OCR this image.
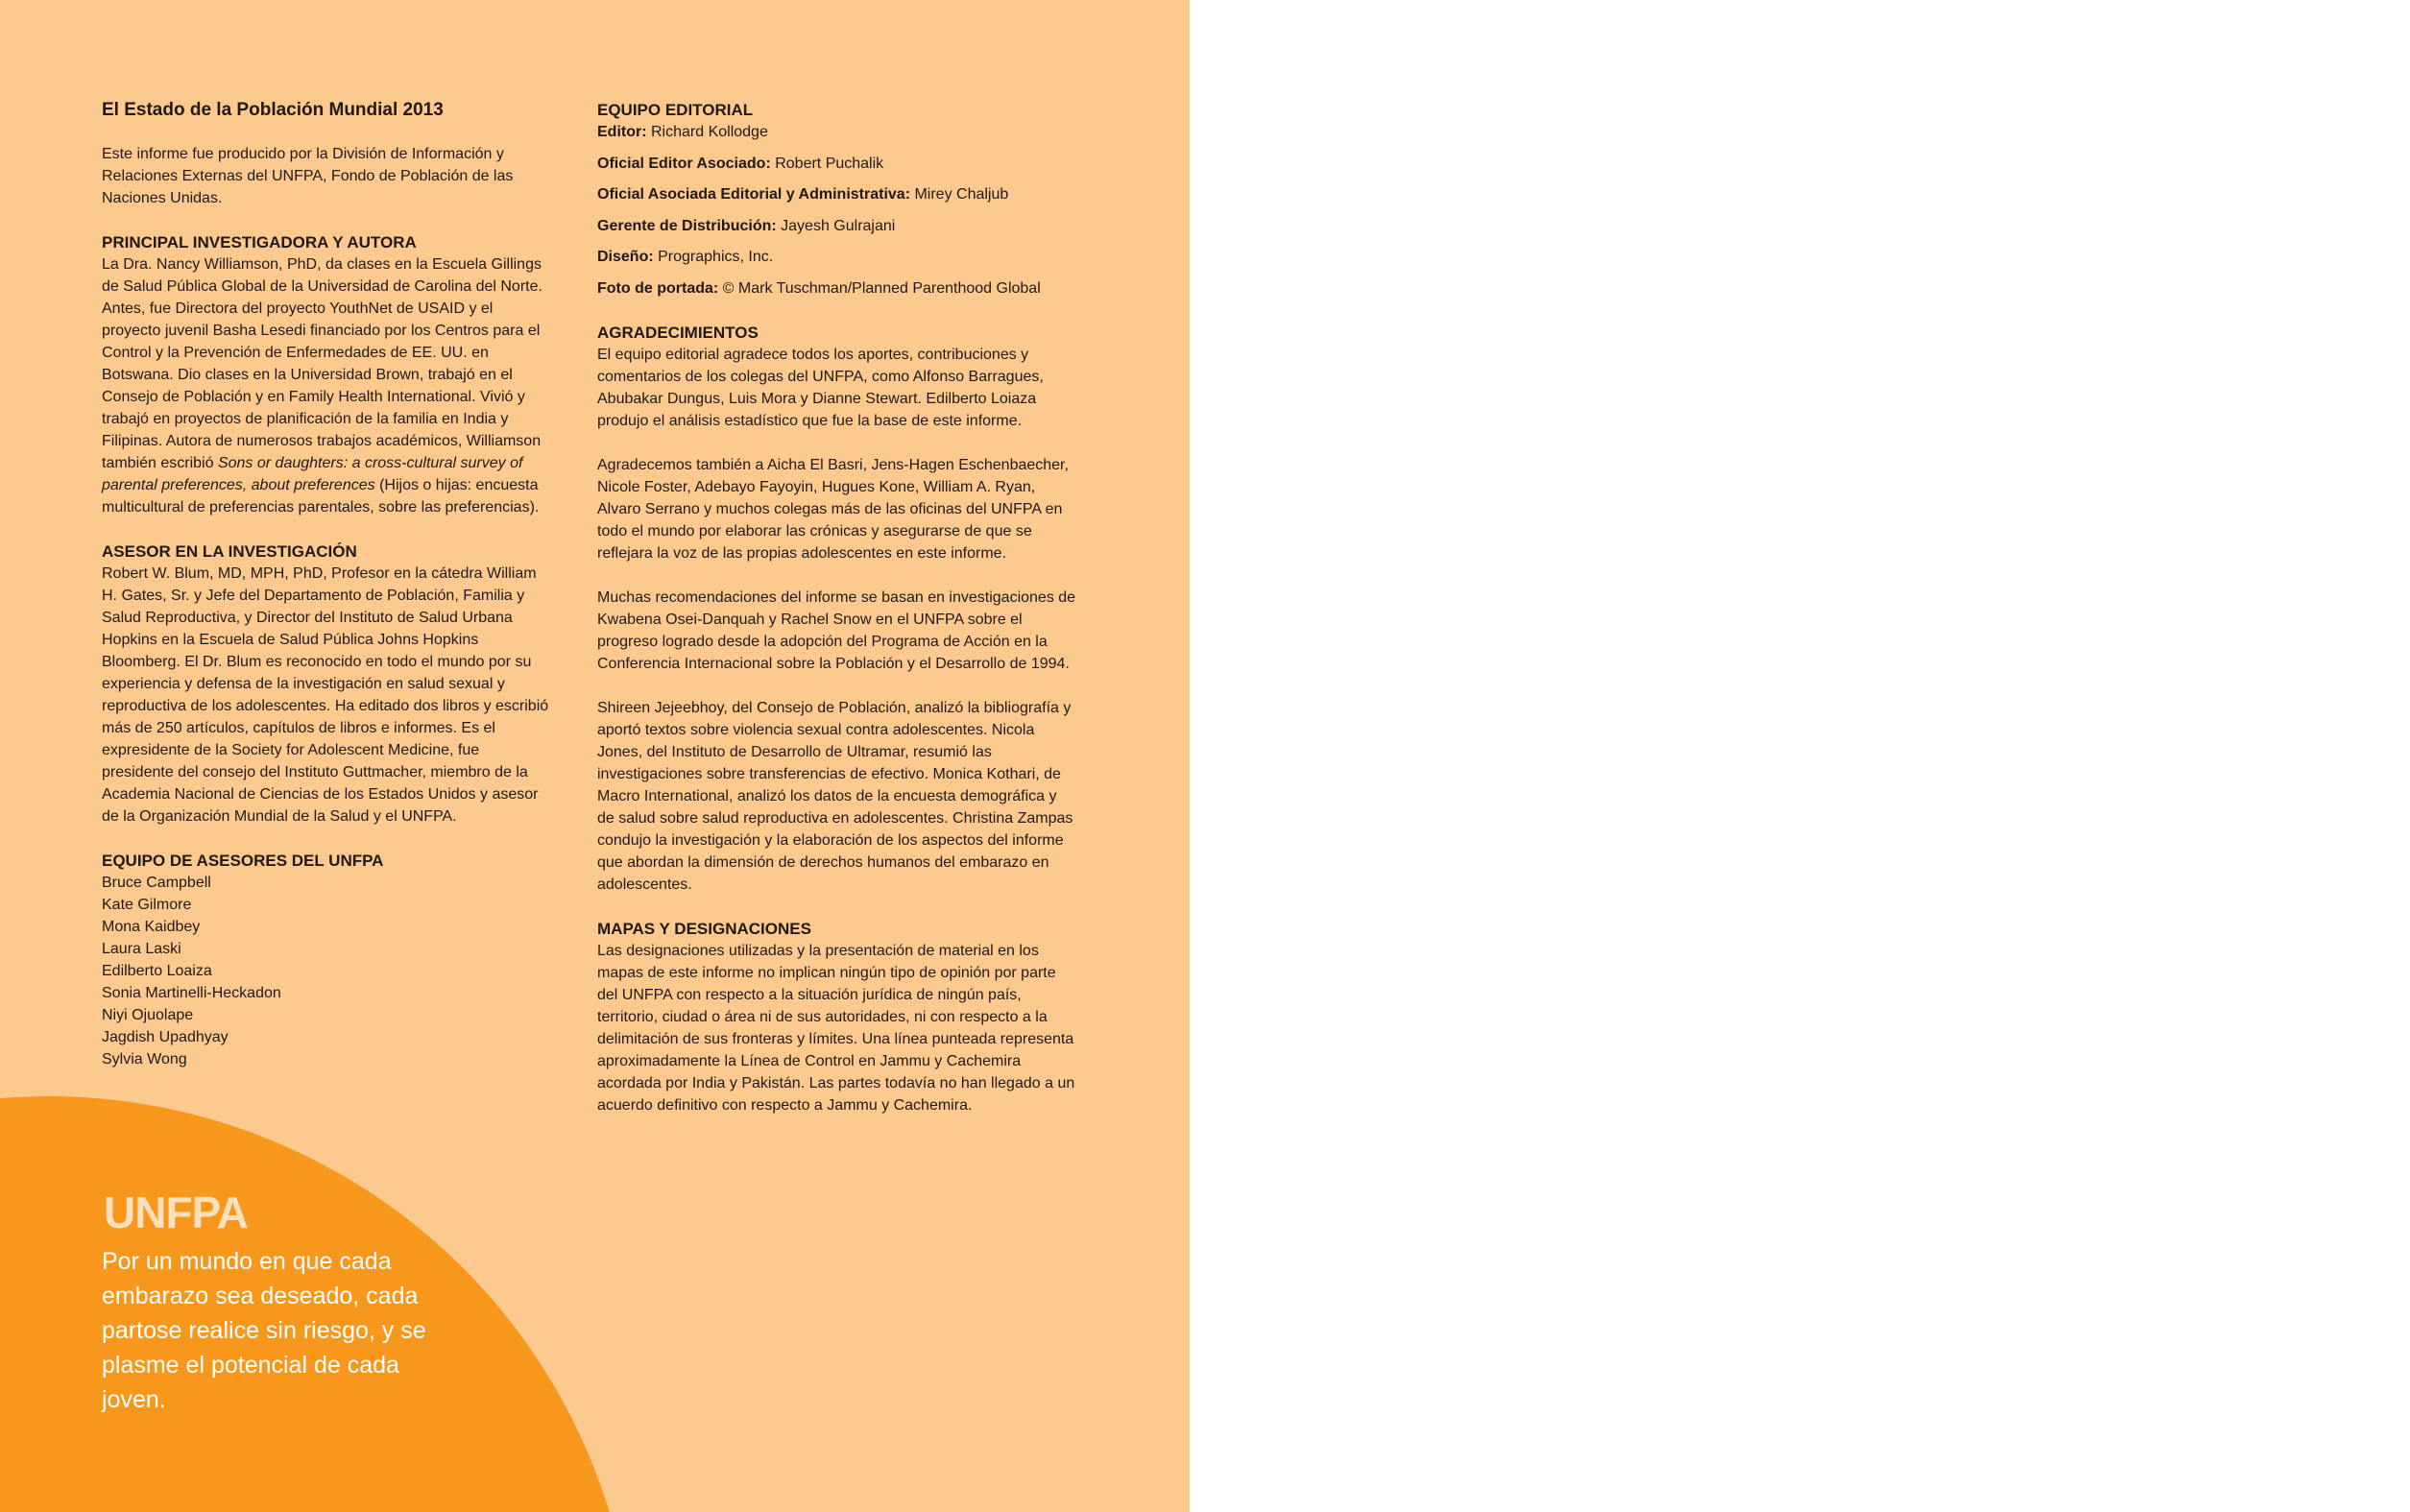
El Estado de la Población Mundial 2013

Este informe fue producido por la División de Información y Relaciones Externas del UNFPA, Fondo de Población de las Naciones Unidas.

PRINCIPAL INVESTIGADORA Y AUTORA

La Dra. Nancy Williamson, PhD, da clases en la Escuela Gillings de Salud Pública Global de la Universidad de Carolina del Norte. Antes, fue Directora del proyecto YouthNet de USAID y el proyecto juvenil Basha Lesedi financiado por los Centros para el Control y la Prevención de Enfermedades de EE. UU. en Botswana. Dio clases en la Universidad Brown, trabajó en el Consejo de Población y en Family Health International. Vivió y trabajó en proyectos de planificación de la familia en India y Filipinas. Autora de numerosos trabajos académicos, Williamson también escribió Sons or daughters: a cross-cultural survey of parental preferences, about preferences (Hijos o hijas: encuesta multicultural de preferencias parentales, sobre las preferencias).

ASESOR EN LA INVESTIGACIÓN

Robert W. Blum, MD, MPH, PhD, Profesor en la cátedra William H. Gates, Sr. y Jefe del Departamento de Población, Familia y Salud Reproductiva, y Director del Instituto de Salud Urbana Hopkins en la Escuela de Salud Pública Johns Hopkins Bloomberg. El Dr. Blum es reconocido en todo el mundo por su experiencia y defensa de la investigación en salud sexual y reproductiva de los adolescentes. Ha editado dos libros y escribió más de 250 artículos, capítulos de libros e informes. Es el expresidente de la Society for Adolescent Medicine, fue presidente del consejo del Instituto Guttmacher, miembro de la Academia Nacional de Ciencias de los Estados Unidos y asesor de la Organización Mundial de la Salud y el UNFPA.

EQUIPO DE ASESORES DEL UNFPA
Bruce Campbell
Kate Gilmore
Mona Kaidbey
Laura Laski
Edilberto Loaiza
Sonia Martinelli-Heckadon
Niyi Ojuolape
Jagdish Upadhyay
Sylvia Wong
EQUIPO EDITORIAL
Editor: Richard Kollodge
Oficial Editor Asociado: Robert Puchalik
Oficial Asociada Editorial y Administrativa: Mirey Chaljub
Gerente de Distribución: Jayesh Gulrajani
Diseño: Prographics, Inc.
Foto de portada: © Mark Tuschman/Planned Parenthood Global
AGRADECIMIENTOS

El equipo editorial agradece todos los aportes, contribuciones y comentarios de los colegas del UNFPA, como Alfonso Barragues, Abubakar Dungus, Luis Mora y Dianne Stewart. Edilberto Loiaza produjo el análisis estadístico que fue la base de este informe.

Agradecemos también a Aicha El Basri, Jens-Hagen Eschenbaecher, Nicole Foster, Adebayo Fayoyin, Hugues Kone, William A. Ryan, Alvaro Serrano y muchos colegas más de las oficinas del UNFPA en todo el mundo por elaborar las crónicas y asegurarse de que se reflejara la voz de las propias adolescentes en este informe.

Muchas recomendaciones del informe se basan en investigaciones de Kwabena Osei-Danquah y Rachel Snow en el UNFPA sobre el progreso logrado desde la adopción del Programa de Acción en la Conferencia Internacional sobre la Población y el Desarrollo de 1994.

Shireen Jejeebhoy, del Consejo de Población, analizó la bibliografía y aportó textos sobre violencia sexual contra adolescentes. Nicola Jones, del Instituto de Desarrollo de Ultramar, resumió las investigaciones sobre transferencias de efectivo. Monica Kothari, de Macro International, analizó los datos de la encuesta demográfica y de salud sobre salud reproductiva en adolescentes. Christina Zampas condujo la investigación y la elaboración de los aspectos del informe que abordan la dimensión de derechos humanos del embarazo en adolescentes.

MAPAS Y DESIGNACIONES

Las designaciones utilizadas y la presentación de material en los mapas de este informe no implican ningún tipo de opinión por parte del UNFPA con respecto a la situación jurídica de ningún país, territorio, ciudad o área ni de sus autoridades, ni con respecto a la delimitación de sus fronteras y límites. Una línea punteada representa aproximadamente la Línea de Control en Jammu y Cachemira acordada por India y Pakistán. Las partes todavía no han llegado a un acuerdo definitivo con respecto a Jammu y Cachemira.

UNFPA
Por un mundo en que cada embarazo sea deseado, cada partose realice sin riesgo, y se plasme el potencial de cada joven.
